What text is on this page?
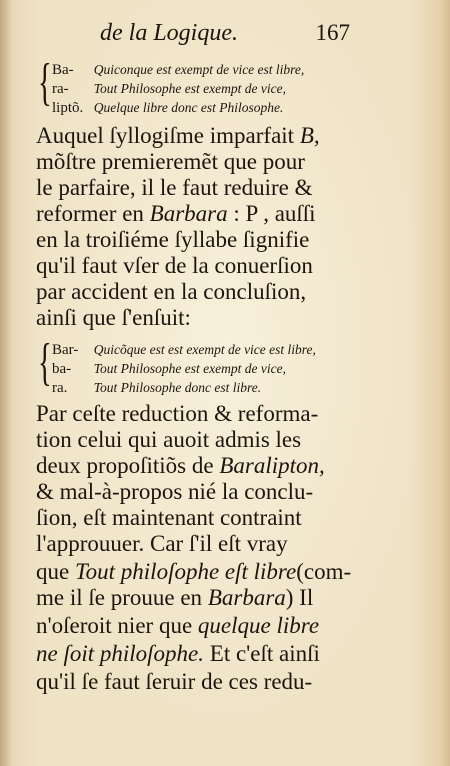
de la Logique.	167
{ Ba- Quiconque est exempt de vice est libre,
ra- Tout Philosophe est exempt de vice,
liptõ. Quelque libre donc est Philosophe.
Auquel ſyllogiſme imparfait B,
mõſtre premieremẽt que pour
le parfaire, il le faut reduire &
reformer en Barbara : P , auſſi
en la troiſiéme ſyllabe ſignifie
qu'il faut vſer de la conuerſion
par accident en la concluſion,
ainſi que ſ'enſuit:
{ Bar- Quicõque est est exempt de vice est libre,
ba- Tout Philosophe est exempt de vice,
ra. Tout Philosophe donc est libre.
Par ceſte reduction & reforma-
tion celui qui auoit admis les
deux propoſitiõs de Baralipton,
& mal-à-propos nié la conclu-
ſion, eſt maintenant contraint
l'approuuer. Car ſ'il eſt vray
que Tout philoſophe eſt libre(com-
me il ſe prouue en Barbara) Il
n'oſeroit nier que quelque libre
ne ſoit philoſophe. Et c'eſt ainſi
qu'il ſe faut ſeruir de ces redu-
